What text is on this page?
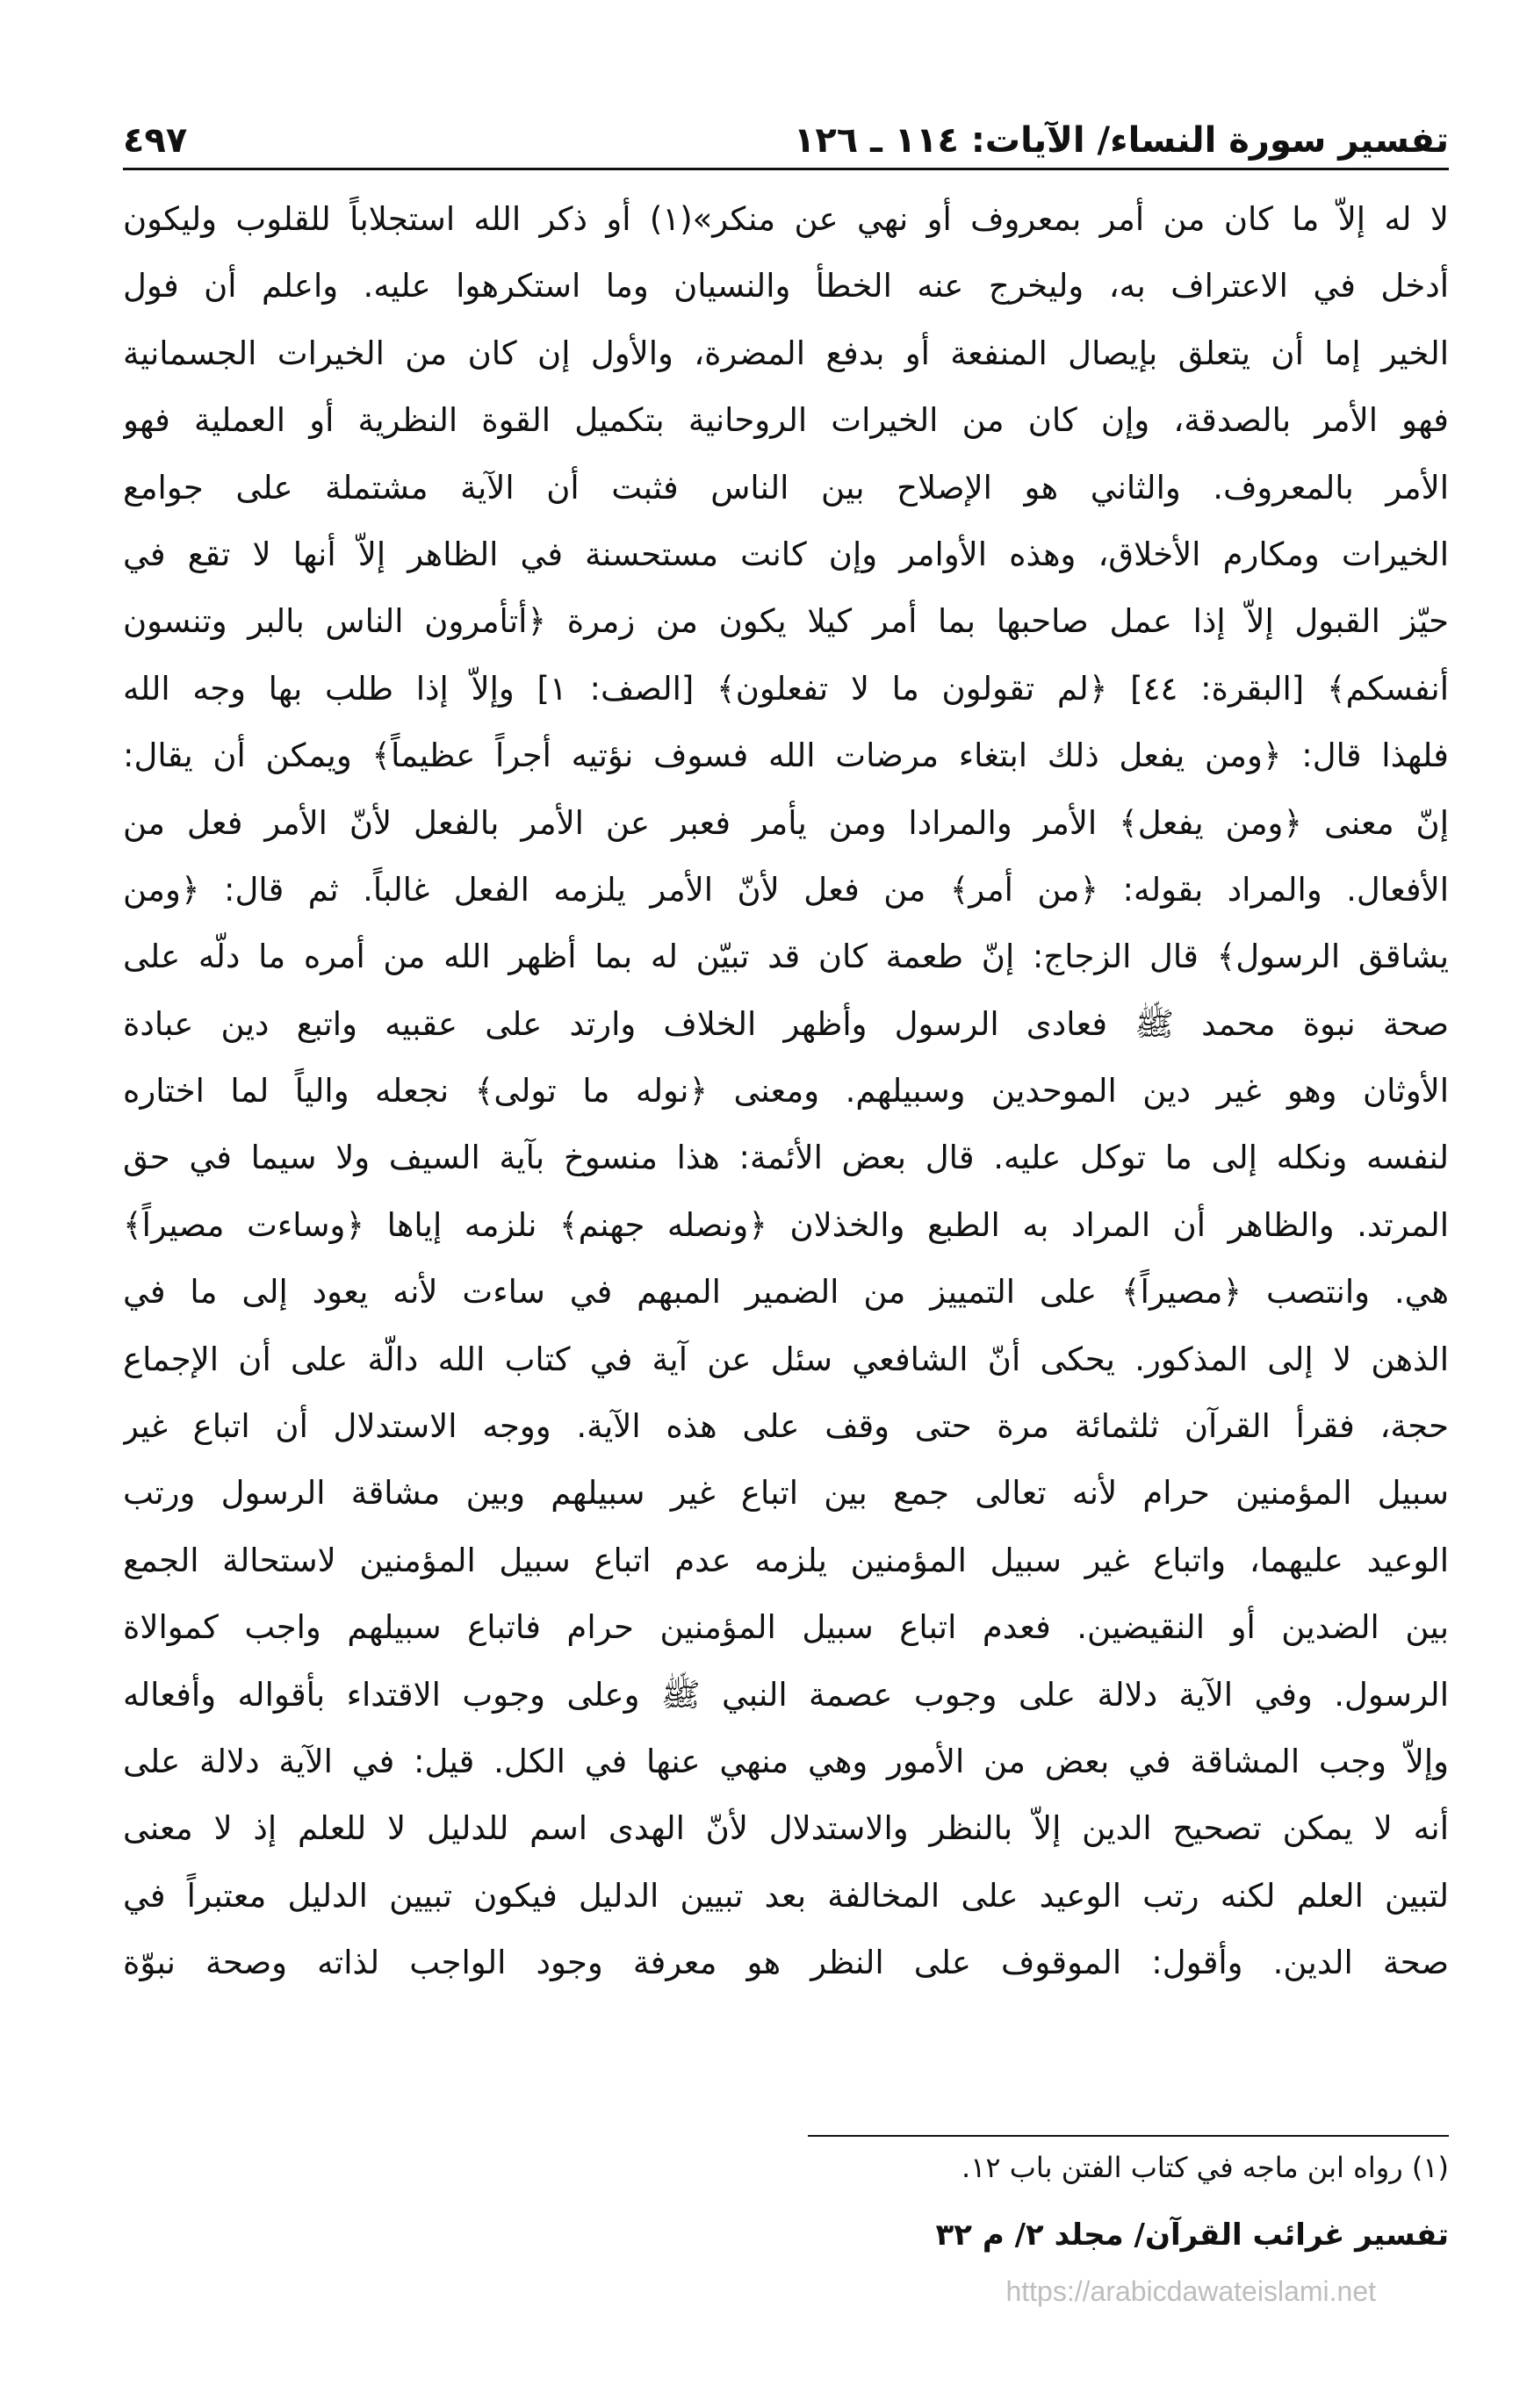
تفسير سورة النساء/ الآيات: ١١٤ ـ ١٢٦
٤٩٧
لا له إلاّ ما كان من أمر بمعروف أو نهي عن منكر»(١) أو ذكر الله استجلاباً للقلوب وليكون
أدخل في الاعتراف به، وليخرج عنه الخطأ والنسيان وما استكرهوا عليه. واعلم أن فول
الخير إما أن يتعلق بإيصال المنفعة أو بدفع المضرة، والأول إن كان من الخيرات الجسمانية
فهو الأمر بالصدقة، وإن كان من الخيرات الروحانية بتكميل القوة النظرية أو العملية فهو
الأمر بالمعروف. والثاني هو الإصلاح بين الناس فثبت أن الآية مشتملة على جوامع
الخيرات ومكارم الأخلاق، وهذه الأوامر وإن كانت مستحسنة في الظاهر إلاّ أنها لا تقع في
حيّز القبول إلاّ إذا عمل صاحبها بما أمر كيلا يكون من زمرة ﴿أتأمرون الناس بالبر وتنسون
أنفسكم﴾ [البقرة: ٤٤] ﴿لم تقولون ما لا تفعلون﴾ [الصف: ١] وإلاّ إذا طلب بها وجه الله
فلهذا قال: ﴿ومن يفعل ذلك ابتغاء مرضات الله فسوف نؤتيه أجراً عظيماً﴾ ويمكن أن يقال:
إنّ معنى ﴿ومن يفعل﴾ الأمر والمرادا ومن يأمر فعبر عن الأمر بالفعل لأنّ الأمر فعل من
الأفعال. والمراد بقوله: ﴿من أمر﴾ من فعل لأنّ الأمر يلزمه الفعل غالباً. ثم قال: ﴿ومن
يشاقق الرسول﴾ قال الزجاج: إنّ طعمة كان قد تبيّن له بما أظهر الله من أمره ما دلّه على
صحة نبوة محمد ﷺ فعادى الرسول وأظهر الخلاف وارتد على عقبيه واتبع دين عبادة
الأوثان وهو غير دين الموحدين وسبيلهم. ومعنى ﴿نوله ما تولى﴾ نجعله والياً لما اختاره
لنفسه ونكله إلى ما توكل عليه. قال بعض الأئمة: هذا منسوخ بآية السيف ولا سيما في حق
المرتد. والظاهر أن المراد به الطبع والخذلان ﴿ونصله جهنم﴾ نلزمه إياها ﴿وساءت مصيراً﴾
هي. وانتصب ﴿مصيراً﴾ على التمييز من الضمير المبهم في ساءت لأنه يعود إلى ما في
الذهن لا إلى المذكور. يحكى أنّ الشافعي سئل عن آية في كتاب الله دالّة على أن الإجماع
حجة، فقرأ القرآن ثلثمائة مرة حتى وقف على هذه الآية. ووجه الاستدلال أن اتباع غير
سبيل المؤمنين حرام لأنه تعالى جمع بين اتباع غير سبيلهم وبين مشاقة الرسول ورتب
الوعيد عليهما، واتباع غير سبيل المؤمنين يلزمه عدم اتباع سبيل المؤمنين لاستحالة الجمع
بين الضدين أو النقيضين. فعدم اتباع سبيل المؤمنين حرام فاتباع سبيلهم واجب كموالاة
الرسول. وفي الآية دلالة على وجوب عصمة النبي ﷺ وعلى وجوب الاقتداء بأقواله وأفعاله
وإلاّ وجب المشاقة في بعض من الأمور وهي منهي عنها في الكل. قيل: في الآية دلالة على
أنه لا يمكن تصحيح الدين إلاّ بالنظر والاستدلال لأنّ الهدى اسم للدليل لا للعلم إذ لا معنى
لتبين العلم لكنه رتب الوعيد على المخالفة بعد تبيين الدليل فيكون تبيين الدليل معتبراً في
صحة الدين. وأقول: الموقوف على النظر هو معرفة وجود الواجب لذاته وصحة نبوّة
(١) رواه ابن ماجه في كتاب الفتن باب ١٢.
تفسير غرائب القرآن/ مجلد ٢/ م ٣٢
https://arabicdawateislami.net
